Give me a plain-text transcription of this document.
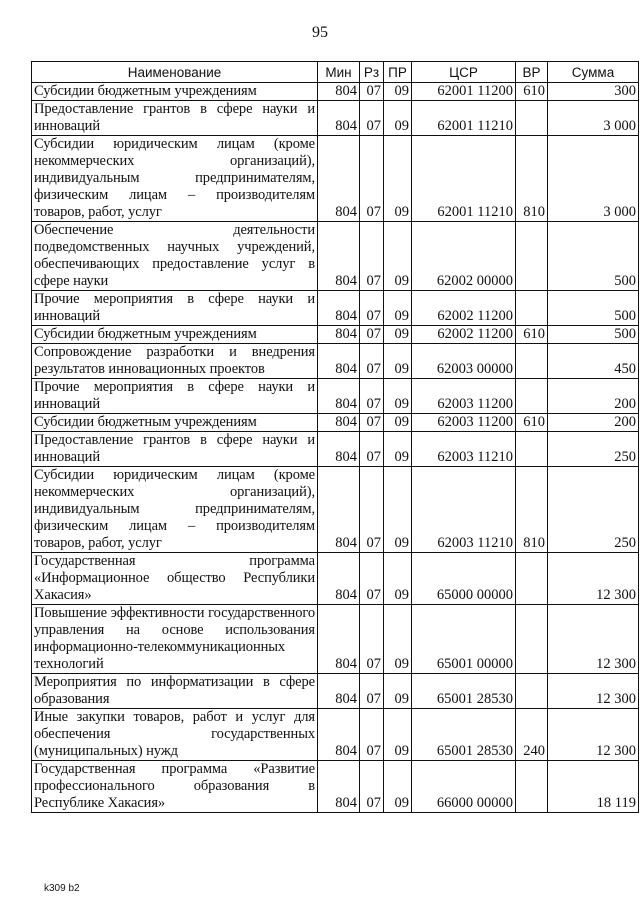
95
Наименование	Мин	Рз	ПР	ЦСР	ВР	Сумма
Субсидии бюджетным учреждениям	804	07	09	62001 11200	610	300
Предоставление грантов в сфере науки и инноваций	804	07	09	62001 11210		3 000
Субсидии юридическим лицам (кроме некоммерческих организаций), индивидуальным предпринимателям, физическим лицам – производителям товаров, работ, услуг	804	07	09	62001 11210	810	3 000
Обеспечение деятельности подведомственных научных учреждений, обеспечивающих предоставление услуг в сфере науки	804	07	09	62002 00000		500
Прочие мероприятия в сфере науки и инноваций	804	07	09	62002 11200		500
Субсидии бюджетным учреждениям	804	07	09	62002 11200	610	500
Сопровождение разработки и внедрения результатов инновационных проектов	804	07	09	62003 00000		450
Прочие мероприятия в сфере науки и инноваций	804	07	09	62003 11200		200
Субсидии бюджетным учреждениям	804	07	09	62003 11200	610	200
Предоставление грантов в сфере науки и инноваций	804	07	09	62003 11210		250
Субсидии юридическим лицам (кроме некоммерческих организаций), индивидуальным предпринимателям, физическим лицам – производителям товаров, работ, услуг	804	07	09	62003 11210	810	250
Государственная программа «Информационное общество Республики Хакасия»	804	07	09	65000 00000		12 300
Повышение эффективности государственного управления на основе использования информационно-телекоммуникационных технологий	804	07	09	65001 00000		12 300
Мероприятия по информатизации в сфере образования	804	07	09	65001 28530		12 300
Иные закупки товаров, работ и услуг для обеспечения государственных (муниципальных) нужд	804	07	09	65001 28530	240	12 300
Государственная программа «Развитие профессионального образования в Республике Хакасия»	804	07	09	66000 00000		18 119
k309 b2
